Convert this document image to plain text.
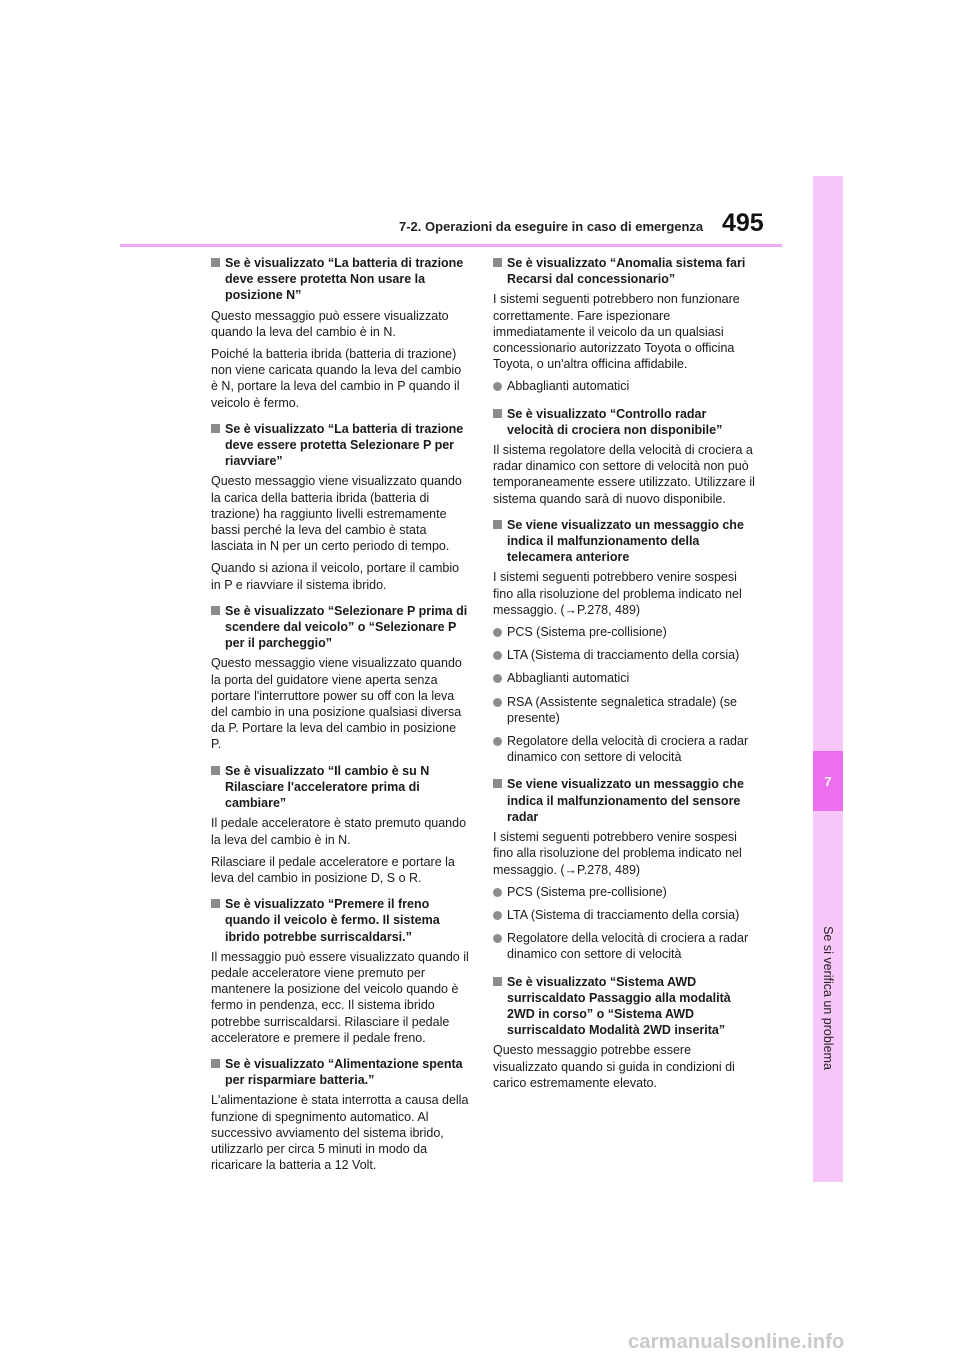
7-2. Operazioni da eseguire in caso di emergenza 495
7
Se si verifica un problema
Se è visualizzato “La batteria di trazione deve essere protetta Non usare la posizione N”

Questo messaggio può essere visualizzato quando la leva del cambio è in N.

Poiché la batteria ibrida (batteria di trazione) non viene caricata quando la leva del cambio è N, portare la leva del cambio in P quando il veicolo è fermo.

Se è visualizzato “La batteria di trazione deve essere protetta Selezionare P per riavviare”

Questo messaggio viene visualizzato quando la carica della batteria ibrida (batteria di trazione) ha raggiunto livelli estremamente bassi perché la leva del cambio è stata lasciata in N per un certo periodo di tempo.

Quando si aziona il veicolo, portare il cambio in P e riavviare il sistema ibrido.

Se è visualizzato “Selezionare P prima di scendere dal veicolo” o “Selezionare P per il parcheggio”

Questo messaggio viene visualizzato quando la porta del guidatore viene aperta senza portare l'interruttore power su off con la leva del cambio in una posizione qualsiasi diversa da P. Portare la leva del cambio in posizione P.

Se è visualizzato “Il cambio è su N Rilasciare l'acceleratore prima di cambiare”

Il pedale acceleratore è stato premuto quando la leva del cambio è in N.

Rilasciare il pedale acceleratore e portare la leva del cambio in posizione D, S o R.

Se è visualizzato “Premere il freno quando il veicolo è fermo. Il sistema ibrido potrebbe surriscaldarsi.”

Il messaggio può essere visualizzato quando il pedale acceleratore viene premuto per mantenere la posizione del veicolo quando è fermo in pendenza, ecc. Il sistema ibrido potrebbe surriscaldarsi. Rilasciare il pedale acceleratore e premere il pedale freno.

Se è visualizzato “Alimentazione spenta per risparmiare batteria.”

L'alimentazione è stata interrotta a causa della funzione di spegnimento automatico. Al successivo avviamento del sistema ibrido, utilizzarlo per circa 5 minuti in modo da ricaricare la batteria a 12 Volt.

Se è visualizzato “Anomalia sistema fari Recarsi dal concessionario”

I sistemi seguenti potrebbero non funzionare correttamente. Fare ispezionare immediatamente il veicolo da un qualsiasi concessionario autorizzato Toyota o officina Toyota, o un'altra officina affidabile.

Abbaglianti automatici
Se è visualizzato “Controllo radar velocità di crociera non disponibile”

Il sistema regolatore della velocità di crociera a radar dinamico con settore di velocità non può temporaneamente essere utilizzato. Utilizzare il sistema quando sarà di nuovo disponibile.

Se viene visualizzato un messaggio che indica il malfunzionamento della telecamera anteriore

I sistemi seguenti potrebbero venire sospesi fino alla risoluzione del problema indicato nel messaggio. (→P.278, 489)

PCS (Sistema pre-collisione)
LTA (Sistema di tracciamento della corsia)
Abbaglianti automatici
RSA (Assistente segnaletica stradale) (se presente)
Regolatore della velocità di crociera a radar dinamico con settore di velocità
Se viene visualizzato un messaggio che indica il malfunzionamento del sensore radar

I sistemi seguenti potrebbero venire sospesi fino alla risoluzione del problema indicato nel messaggio. (→P.278, 489)

PCS (Sistema pre-collisione)
LTA (Sistema di tracciamento della corsia)
Regolatore della velocità di crociera a radar dinamico con settore di velocità
Se è visualizzato “Sistema AWD surriscaldato Passaggio alla modalità 2WD in corso” o “Sistema AWD surriscaldato Modalità 2WD inserita”

Questo messaggio potrebbe essere visualizzato quando si guida in condizioni di carico estremamente elevato.

carmanualsonline.info
